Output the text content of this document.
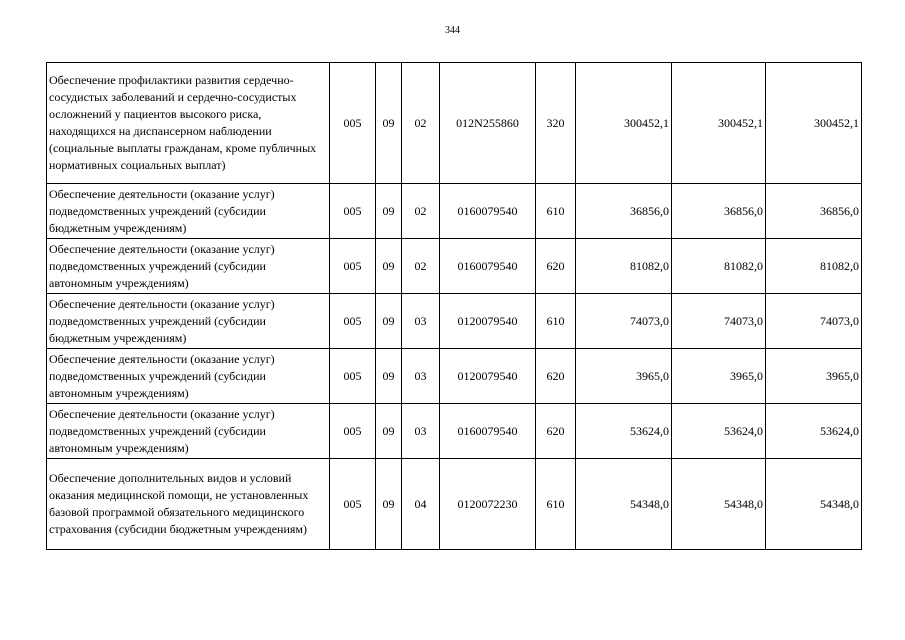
344
Обеспечение профилактики развития сердечно-сосудистых заболеваний и сердечно-сосудистых осложнений у пациентов высокого риска, находящихся на диспансерном наблюдении (социальные выплаты гражданам, кроме публичных нормативных социальных выплат)	005	09	02	012N255860	320	300452,1	300452,1	300452,1
Обеспечение деятельности (оказание услуг) подведомственных учреждений (субсидии бюджетным учреждениям)	005	09	02	0160079540	610	36856,0	36856,0	36856,0
Обеспечение деятельности (оказание услуг) подведомственных учреждений (субсидии автономным учреждениям)	005	09	02	0160079540	620	81082,0	81082,0	81082,0
Обеспечение деятельности (оказание услуг) подведомственных учреждений (субсидии бюджетным учреждениям)	005	09	03	0120079540	610	74073,0	74073,0	74073,0
Обеспечение деятельности (оказание услуг) подведомственных учреждений (субсидии автономным учреждениям)	005	09	03	0120079540	620	3965,0	3965,0	3965,0
Обеспечение деятельности (оказание услуг) подведомственных учреждений (субсидии автономным учреждениям)	005	09	03	0160079540	620	53624,0	53624,0	53624,0
Обеспечение дополнительных видов и условий оказания медицинской помощи, не установленных базовой программой обязательного медицинского страхования (субсидии бюджетным учреждениям)	005	09	04	0120072230	610	54348,0	54348,0	54348,0
